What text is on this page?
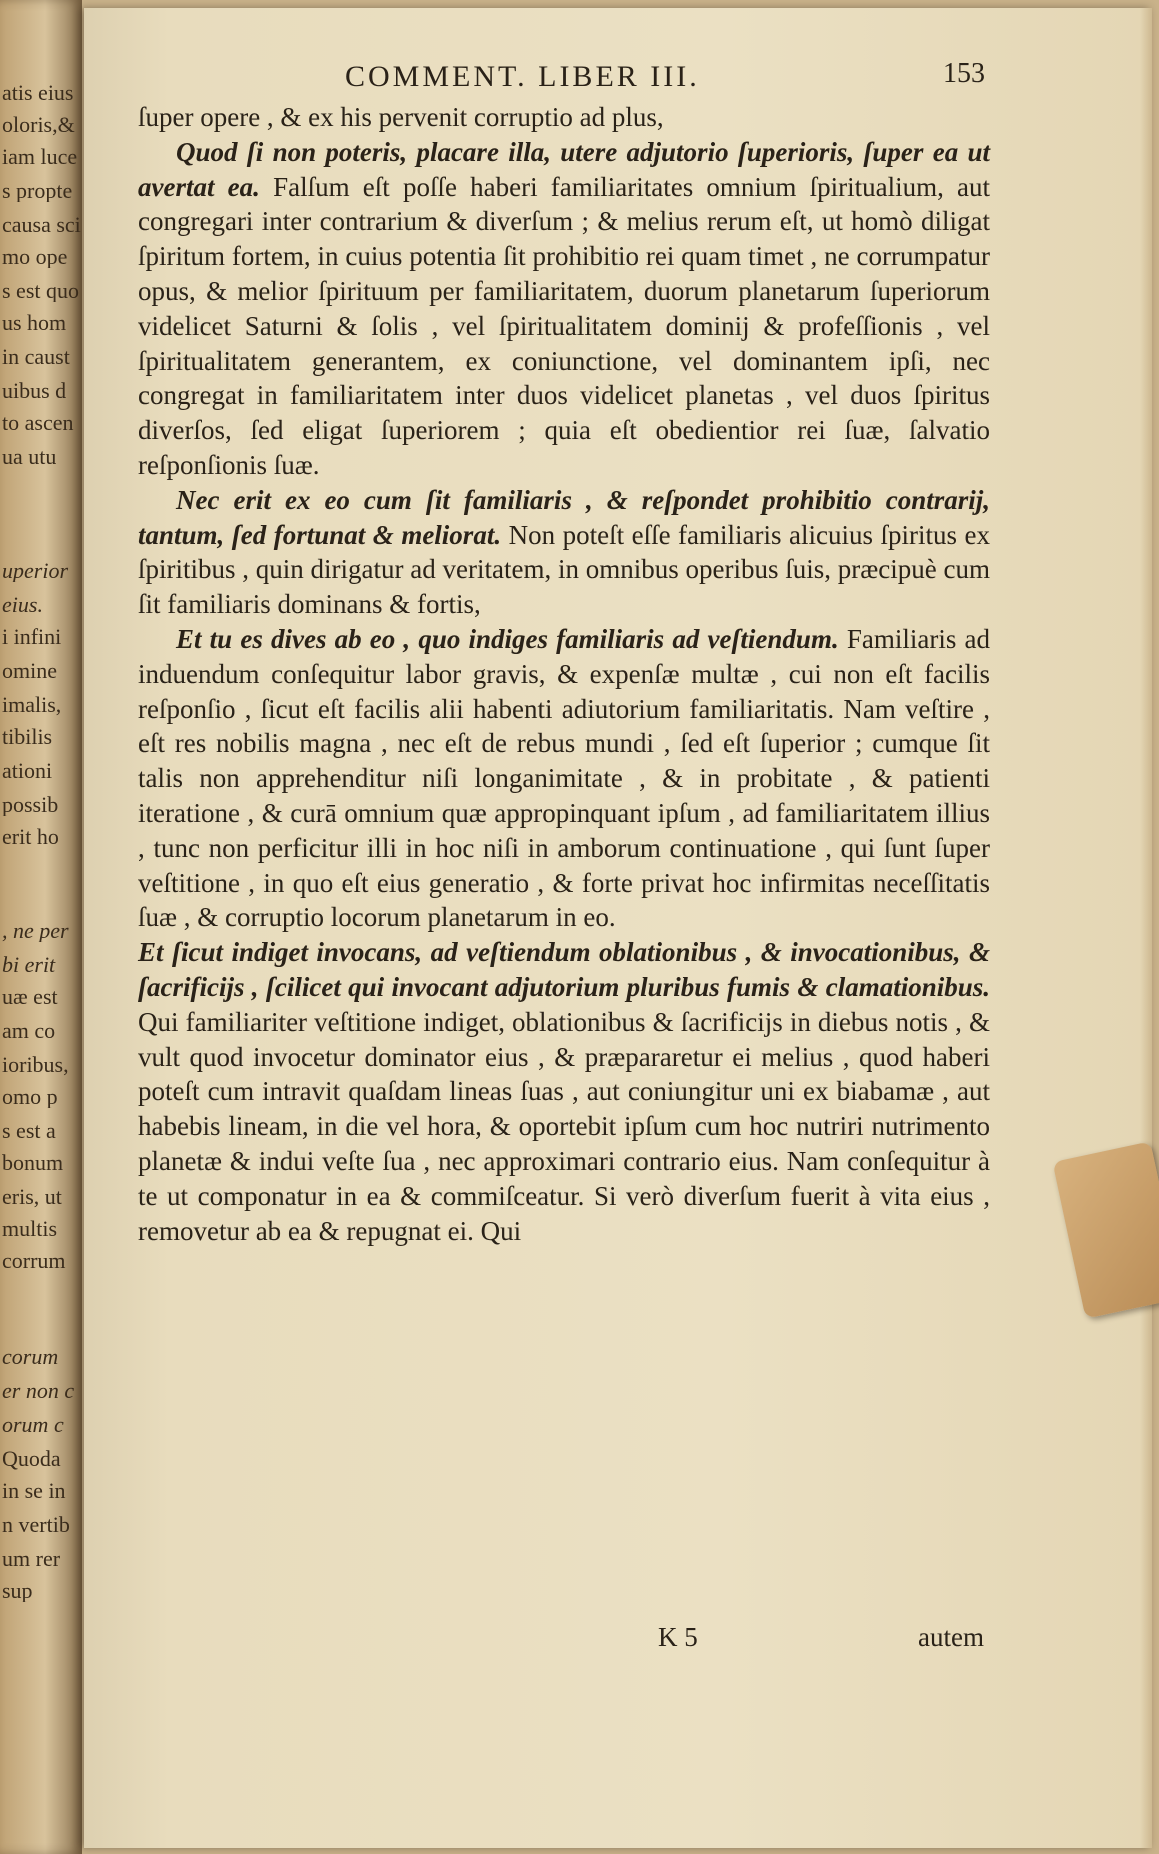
atis eius
oloris,&
iam luce
s propte
causa sci
mo ope
s est quo
us hom
in caust
uibus d
to ascen
ua utu
uperior
eius.
i infini
omine
imalis,
tibilis
ationi
possib
erit ho
, ne per
bi erit
uæ est
am co
ioribus,
omo p
s est a
bonum
eris, ut
multis
corrum
corum
er non c
orum c
Quoda
in se in
n vertib
um rer
sup
COMMENT. LIBER III.	153

ſuper opere , & ex his pervenit corruptio ad plus,

Quod ſi non poteris, placare illa, utere adjutorio ſuperioris, ſuper ea ut avertat ea. Falſum eſt poſſe haberi familiaritates omnium ſpiritualium, aut congregari inter contrarium & diverſum ; & melius rerum eſt, ut homò diligat ſpiritum fortem, in cuius potentia ſit prohibitio rei quam timet , ne corrumpatur opus, & melior ſpirituum per familiaritatem, duorum planetarum ſuperiorum videlicet Saturni & ſolis , vel ſpiritualitatem dominij & profeſſionis , vel ſpiritualitatem generantem, ex coniunctione, vel dominantem ipſi, nec congregat in familiaritatem inter duos videlicet planetas , vel duos ſpiritus diverſos, ſed eligat ſuperiorem ; quia eſt obedientior rei ſuæ, ſalvatio reſponſionis ſuæ.

Nec erit ex eo cum ſit familiaris , & reſpondet prohibitio contrarij, tantum, ſed fortunat & meliorat. Non poteſt eſſe familiaris alicuius ſpiritus ex ſpiritibus , quin dirigatur ad veritatem, in omnibus operibus ſuis, præcipuè cum ſit familiaris dominans & fortis,

Et tu es dives ab eo , quo indiges familiaris ad veſtiendum. Familiaris ad induendum conſequitur labor gravis, & expenſæ multæ , cui non eſt facilis reſponſio , ſicut eſt facilis alii habenti adiutorium familiaritatis. Nam veſtire , eſt res nobilis magna , nec eſt de rebus mundi , ſed eſt ſuperior ; cumque ſit talis non apprehenditur niſi longanimitate , & in probitate , & patienti iteratione , & curā omnium quæ appropinquant ipſum , ad familiaritatem illius , tunc non perficitur illi in hoc niſi in amborum continuatione , qui ſunt ſuper veſtitione , in quo eſt eius generatio , & forte privat hoc infirmitas neceſſitatis ſuæ , & corruptio locorum planetarum in eo.

Et ſicut indiget invocans, ad veſtiendum oblationibus , & invocationibus, & ſacrificijs , ſcilicet qui invocant adjutorium pluribus fumis & clamationibus. Qui familiariter veſtitione indiget, oblationibus & ſacrificijs in diebus notis , & vult quod invocetur dominator eius , & præpararetur ei melius , quod haberi poteſt cum intravit quaſdam lineas ſuas , aut coniungitur uni ex biabamæ , aut habebis lineam, in die vel hora, & oportebit ipſum cum hoc nutriri nutrimento planetæ & indui veſte ſua , nec approximari contrario eius. Nam conſequitur à te ut componatur in ea & commiſceatur. Si verò diverſum fuerit à vita eius , removetur ab ea & repugnat ei. Qui

K 5	autem
